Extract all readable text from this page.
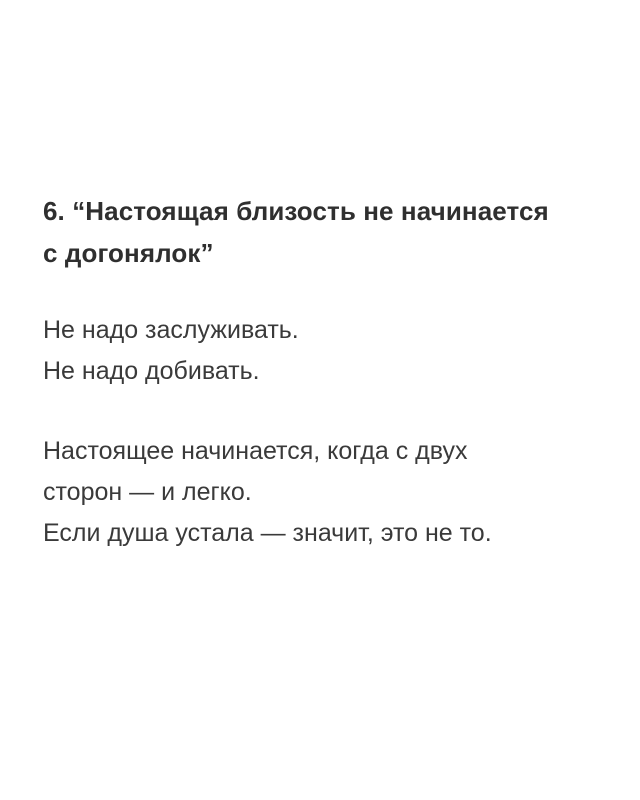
6. “Настоящая близость не начинается
с догонялок”

Не надо заслуживать.
Не надо добивать.

Настоящее начинается, когда с двух
сторон — и легко.
Если душа устала — значит, это не то.
